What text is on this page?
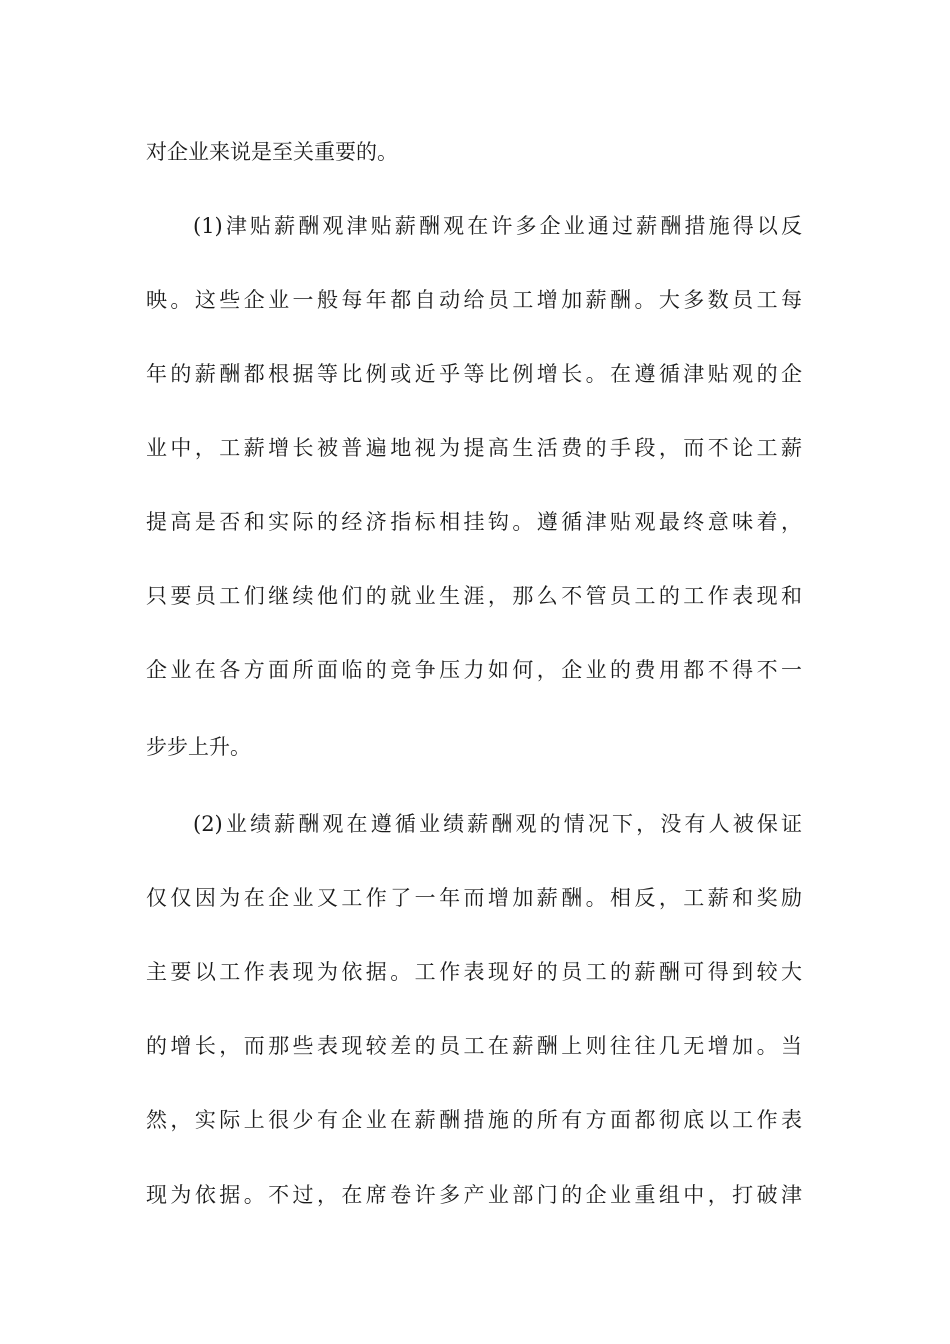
对企业来说是至关重要的。
(1)津贴薪酬观津贴薪酬观在许多企业通过薪酬措施得以反
映。这些企业一般每年都自动给员工增加薪酬。大多数员工每
年的薪酬都根据等比例或近乎等比例增长。在遵循津贴观的企
业中，工薪增长被普遍地视为提高生活费的手段，而不论工薪
提高是否和实际的经济指标相挂钩。遵循津贴观最终意味着，
只要员工们继续他们的就业生涯，那么不管员工的工作表现和
企业在各方面所面临的竞争压力如何，企业的费用都不得不一
步步上升。
(2)业绩薪酬观在遵循业绩薪酬观的情况下，没有人被保证
仅仅因为在企业又工作了一年而增加薪酬。相反，工薪和奖励
主要以工作表现为依据。工作表现好的员工的薪酬可得到较大
的增长，而那些表现较差的员工在薪酬上则往往几无增加。当
然，实际上很少有企业在薪酬措施的所有方面都彻底以工作表
现为依据。不过，在席卷许多产业部门的企业重组中，打破津
